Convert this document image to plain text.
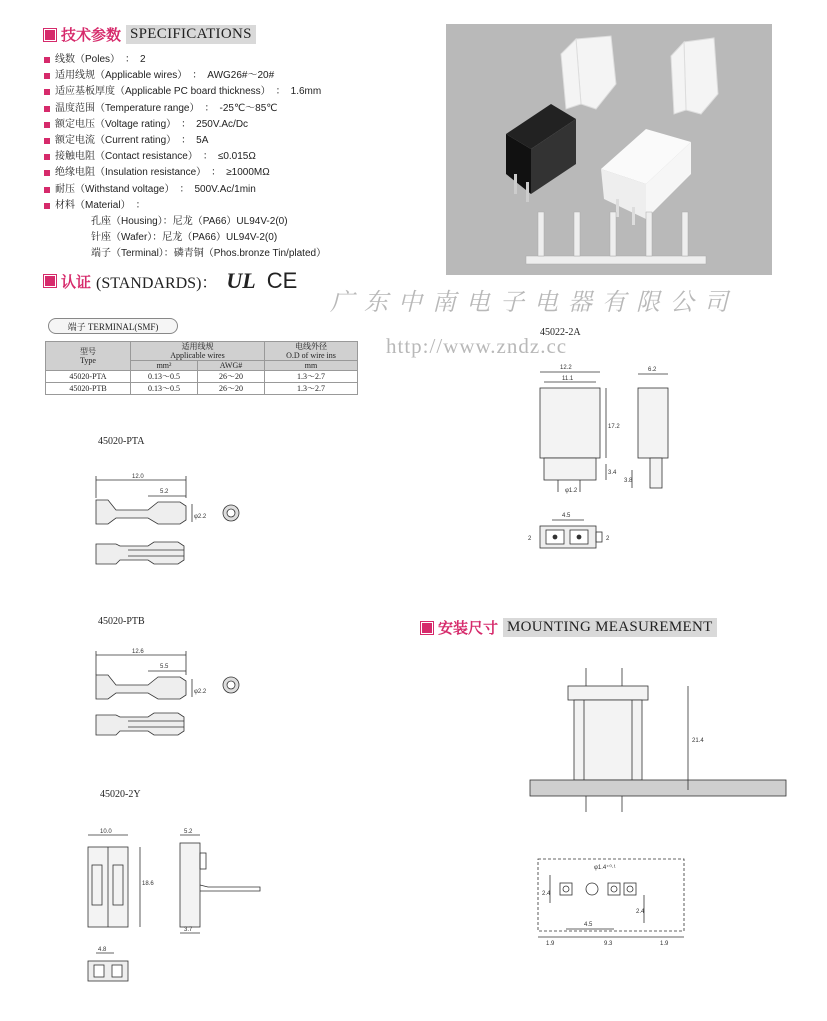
技术参数 SPECIFICATIONS
线数（Poles） ： 2
适用线规（Applicable wires） ： AWG26#～20#
适应基板厚度（Applicable PC board thickness） ： 1.6mm
温度范围（Temperature range） ： -25℃～85℃
额定电压（Voltage rating） ： 250V.Ac/Dc
额定电流（Current rating） ： 5A
接触电阻（Contact resistance） ： ≤0.015Ω
绝缘电阻（Insulation resistance） ： ≥1000MΩ
耐压（Withstand voltage） ： 500V.Ac/1min
材料（Material） ：
孔座（Housing）：尼龙（PA66）UL94V-2(0)
针座（Wafer）：尼龙（PA66）UL94V-2(0)
端子（Terminal）：磷青铜（Phos.bronze Tin/plated）
认证 (STANDARDS)： UL CE
广 东 中 南 电 子 电 器 有 限 公 司
http://www.zndz.cc
端子 TERMINAL(SMF)
型号
Type	适用线规
Applicable wires		电线外径
O.D of wire ins
	mm²	AWG#	mm
45020-PTA	0.13～0.5	26～20	1.3～2.7
45020-PTB	0.13～0.5	26～20	1.3～2.7
45020-PTA
12.0
5.2
φ2.2
45020-PTB
12.6
5.5
φ2.2
45020-2Y
10.0
18.6
5.2
3.7
4.8
45022-2A
12.2
11.1
17.2
3.4
φ1.2
6.2
3.8
4.5
2	2
安装尺寸 MOUNTING MEASUREMENT
21.4
φ1.4⁺⁰·¹
2.4
2.4
4.5
1.9	9.3	1.9
